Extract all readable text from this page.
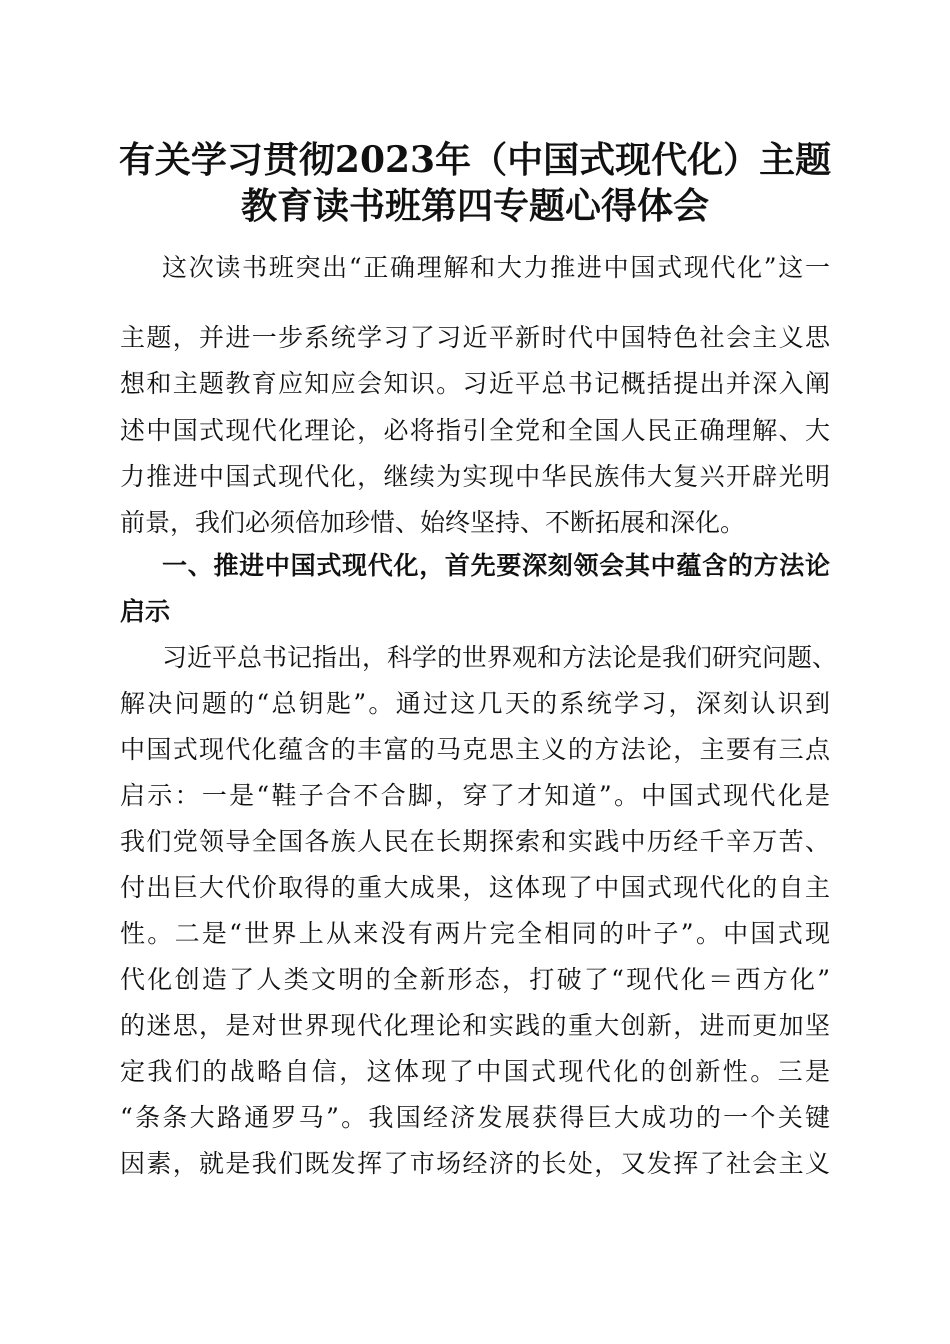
有关学习贯彻2023年（中国式现代化）主题
教育读书班第四专题心得体会
这次读书班突出“正确理解和大力推进中国式现代化”这一
主题，并进一步系统学习了习近平新时代中国特色社会主义思
想和主题教育应知应会知识。习近平总书记概括提出并深入阐
述中国式现代化理论，必将指引全党和全国人民正确理解、大
力推进中国式现代化，继续为实现中华民族伟大复兴开辟光明
前景，我们必须倍加珍惜、始终坚持、不断拓展和深化。
一、推进中国式现代化，首先要深刻领会其中蕴含的方法论
启示
习近平总书记指出，科学的世界观和方法论是我们研究问题、
解决问题的“总钥匙”。通过这几天的系统学习，深刻认识到
中国式现代化蕴含的丰富的马克思主义的方法论，主要有三点
启示：一是“鞋子合不合脚，穿了才知道”。中国式现代化是
我们党领导全国各族人民在长期探索和实践中历经千辛万苦、
付出巨大代价取得的重大成果，这体现了中国式现代化的自主
性。二是“世界上从来没有两片完全相同的叶子”。中国式现
代化创造了人类文明的全新形态，打破了“现代化＝西方化”
的迷思，是对世界现代化理论和实践的重大创新，进而更加坚
定我们的战略自信，这体现了中国式现代化的创新性。三是
“条条大路通罗马”。我国经济发展获得巨大成功的一个关键
因素，就是我们既发挥了市场经济的长处，又发挥了社会主义
